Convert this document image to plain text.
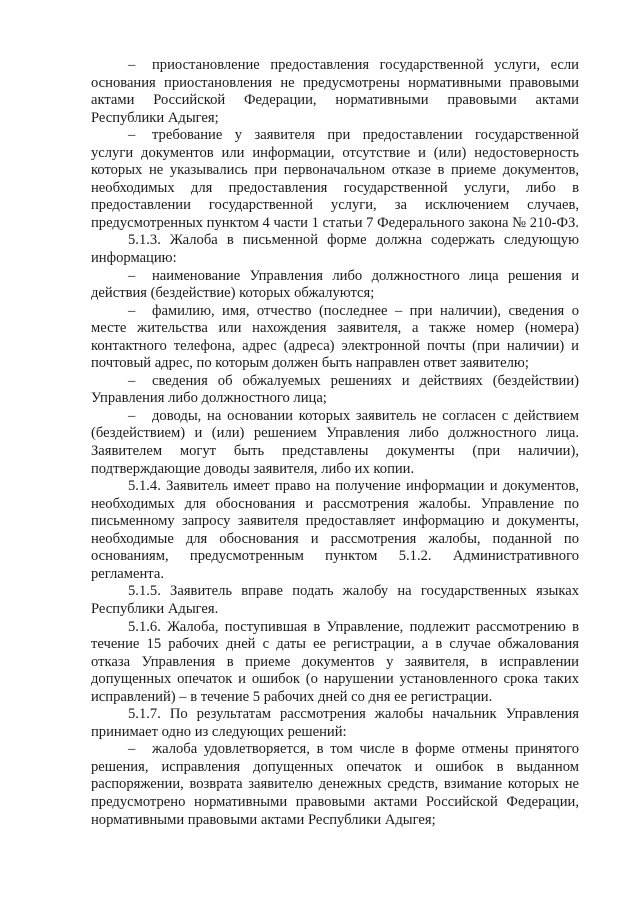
– приостановление предоставления государственной услуги, если основания приостановления не предусмотрены нормативными правовыми актами Российской Федерации, нормативными правовыми актами Республики Адыгея;

– требование у заявителя при предоставлении государственной услуги документов или информации, отсутствие и (или) недостоверность которых не указывались при первоначальном отказе в приеме документов, необходимых для предоставления государственной услуги, либо в предоставлении государственной услуги, за исключением случаев, предусмотренных пунктом 4 части 1 статьи 7 Федерального закона № 210-ФЗ.

5.1.3. Жалоба в письменной форме должна содержать следующую информацию:

– наименование Управления либо должностного лица решения и действия (бездействие) которых обжалуются;

– фамилию, имя, отчество (последнее – при наличии), сведения о месте жительства или нахождения заявителя, а также номер (номера) контактного телефона, адрес (адреса) электронной почты (при наличии) и почтовый адрес, по которым должен быть направлен ответ заявителю;

– сведения об обжалуемых решениях и действиях (бездействии) Управления либо должностного лица;

– доводы, на основании которых заявитель не согласен с действием (бездействием) и (или) решением Управления либо должностного лица. Заявителем могут быть представлены документы (при наличии), подтверждающие доводы заявителя, либо их копии.

5.1.4. Заявитель имеет право на получение информации и документов, необходимых для обоснования и рассмотрения жалобы. Управление по письменному запросу заявителя предоставляет информацию и документы, необходимые для обоснования и рассмотрения жалобы, поданной по основаниям, предусмотренным пунктом 5.1.2. Административного регламента.

5.1.5. Заявитель вправе подать жалобу на государственных языках Республики Адыгея.

5.1.6. Жалоба, поступившая в Управление, подлежит рассмотрению в течение 15 рабочих дней с даты ее регистрации, а в случае обжалования отказа Управления в приеме документов у заявителя, в исправлении допущенных опечаток и ошибок (о нарушении установленного срока таких исправлений) – в течение 5 рабочих дней со дня ее регистрации.

5.1.7. По результатам рассмотрения жалобы начальник Управления принимает одно из следующих решений:

– жалоба удовлетворяется, в том числе в форме отмены принятого решения, исправления допущенных опечаток и ошибок в выданном распоряжении, возврата заявителю денежных средств, взимание которых не предусмотрено нормативными правовыми актами Российской Федерации, нормативными правовыми актами Республики Адыгея;
